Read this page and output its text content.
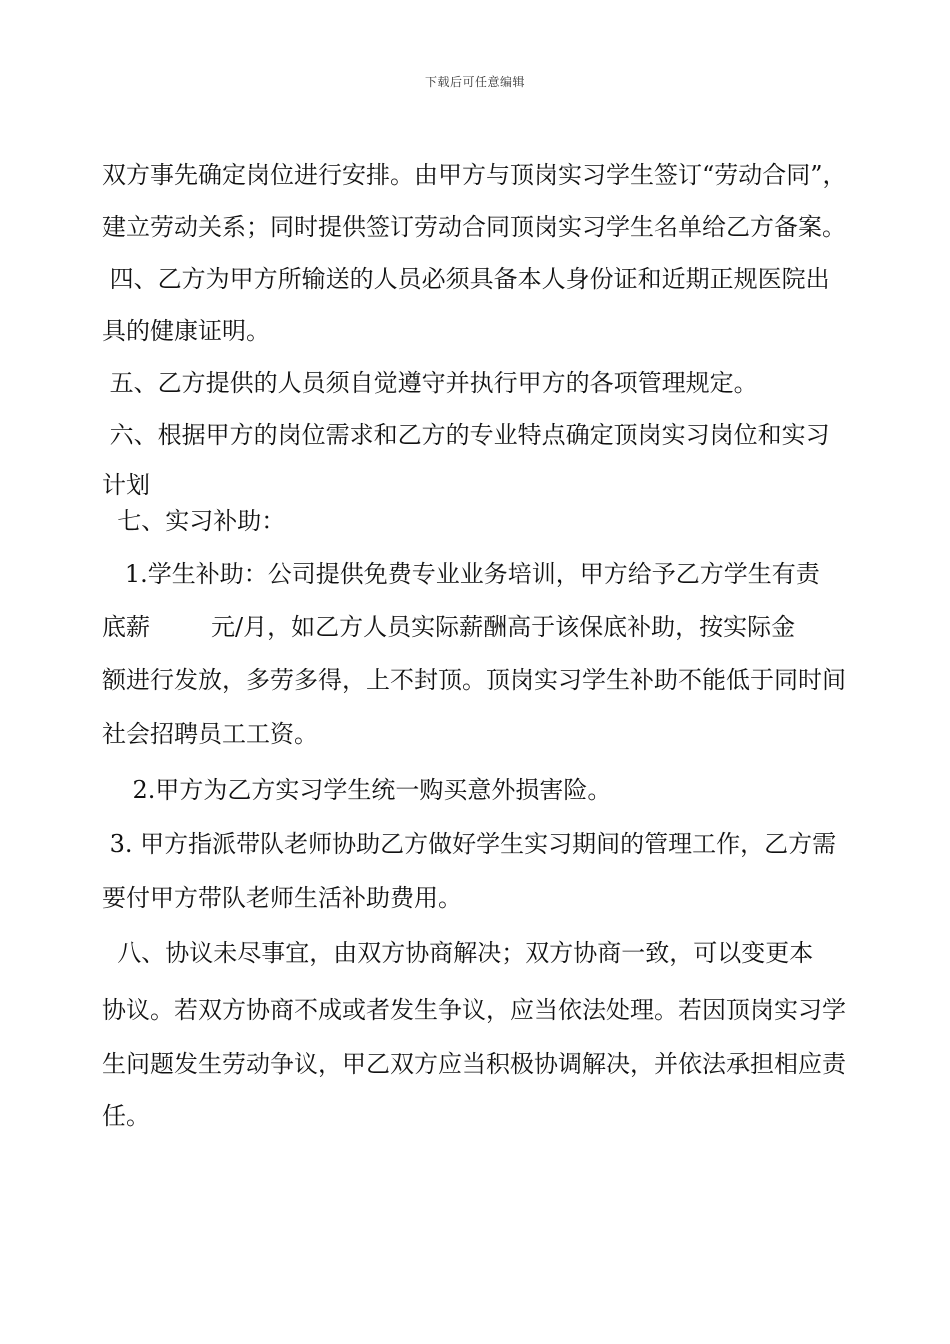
下载后可任意编辑
双方事先确定岗位进行安排。由甲方与顶岗实习学生签订“劳动合同”，
建立劳动关系；同时提供签订劳动合同顶岗实习学生名单给乙方备案。
四、乙方为甲方所输送的人员必须具备本人身份证和近期正规医院出
具的健康证明。
五、乙方提供的人员须自觉遵守并执行甲方的各项管理规定。
六、根据甲方的岗位需求和乙方的专业特点确定顶岗实习岗位和实习
计划
七、实习补助：
1.学生补助：公司提供免费专业业务培训，甲方给予乙方学生有责
底薪        元/月，如乙方人员实际薪酬高于该保底补助，按实际金
额进行发放，多劳多得，上不封顶。顶岗实习学生补助不能低于同时间
社会招聘员工工资。
2.甲方为乙方实习学生统一购买意外损害险。
3. 甲方指派带队老师协助乙方做好学生实习期间的管理工作，乙方需
要付甲方带队老师生活补助费用。
八、协议未尽事宜，由双方协商解决；双方协商一致，可以变更本
协议。若双方协商不成或者发生争议，应当依法处理。若因顶岗实习学
生问题发生劳动争议，甲乙双方应当积极协调解决，并依法承担相应责
任。
